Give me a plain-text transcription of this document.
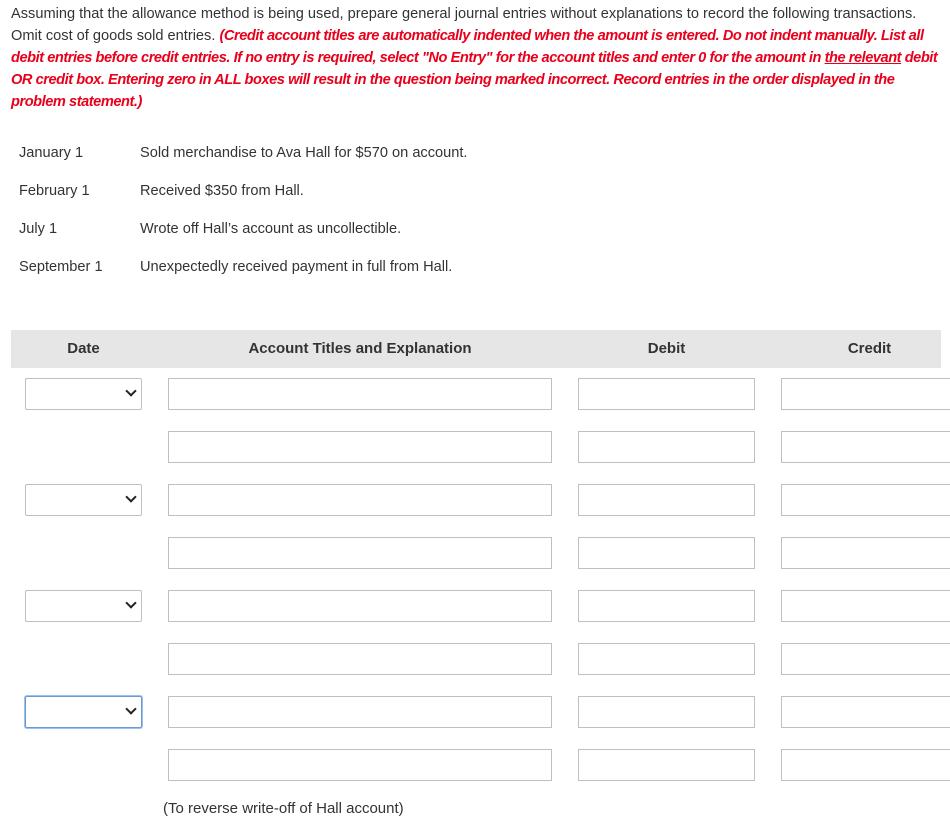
Assuming that the allowance method is being used, prepare general journal entries without explanations to record the following transactions. Omit cost of goods sold entries. (Credit account titles are automatically indented when the amount is entered. Do not indent manually. List all debit entries before credit entries. If no entry is required, select "No Entry" for the account titles and enter 0 for the amount in the relevant debit OR credit box. Entering zero in ALL boxes will result in the question being marked incorrect. Record entries in the order displayed in the problem statement.)
January 1	Sold merchandise to Ava Hall for $570 on account.
February 1	Received $350 from Hall.
July 1	Wrote off Hall’s account as uncollectible.
September 1	Unexpectedly received payment in full from Hall.
Date	Account Titles and Explanation	Debit	Credit
(To reverse write-off of Hall account)
